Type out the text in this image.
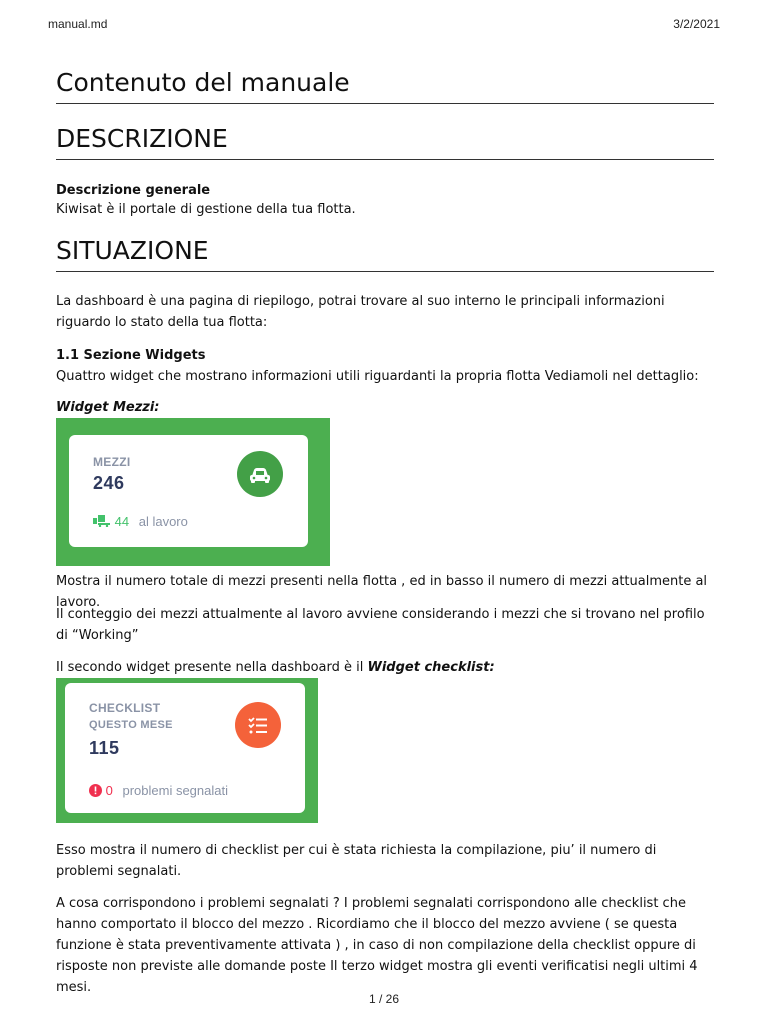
manual.md	3/2/2021
Contenuto del manuale
DESCRIZIONE
Descrizione generale
Kiwisat è il portale di gestione della tua flotta.
SITUAZIONE
La dashboard è una pagina di riepilogo, potrai trovare al suo interno le principali informazioni riguardo lo stato della tua flotta:
1.1 Sezione Widgets
Quattro widget che mostrano informazioni utili riguardanti la propria flotta Vediamoli nel dettaglio:
Widget Mezzi:
MEZZI
246
44 al lavoro
Mostra il numero totale di mezzi presenti nella flotta , ed in basso il numero di mezzi attualmente al lavoro.
Il conteggio dei mezzi attualmente al lavoro avviene considerando i mezzi che si trovano nel profilo di “Working”
Il secondo widget presente nella dashboard è il Widget checklist:
CHECKLIST
QUESTO MESE
115
0 problemi segnalati
Esso mostra il numero di checklist per cui è stata richiesta la compilazione, piu’ il numero di problemi segnalati.
A cosa corrispondono i problemi segnalati ? I problemi segnalati corrispondono alle checklist che hanno comportato il blocco del mezzo . Ricordiamo che il blocco del mezzo avviene ( se questa funzione è stata preventivamente attivata ) , in caso di non compilazione della checklist oppure di risposte non previste alle domande poste Il terzo widget mostra gli eventi verificatisi negli ultimi 4 mesi.
1 / 26
